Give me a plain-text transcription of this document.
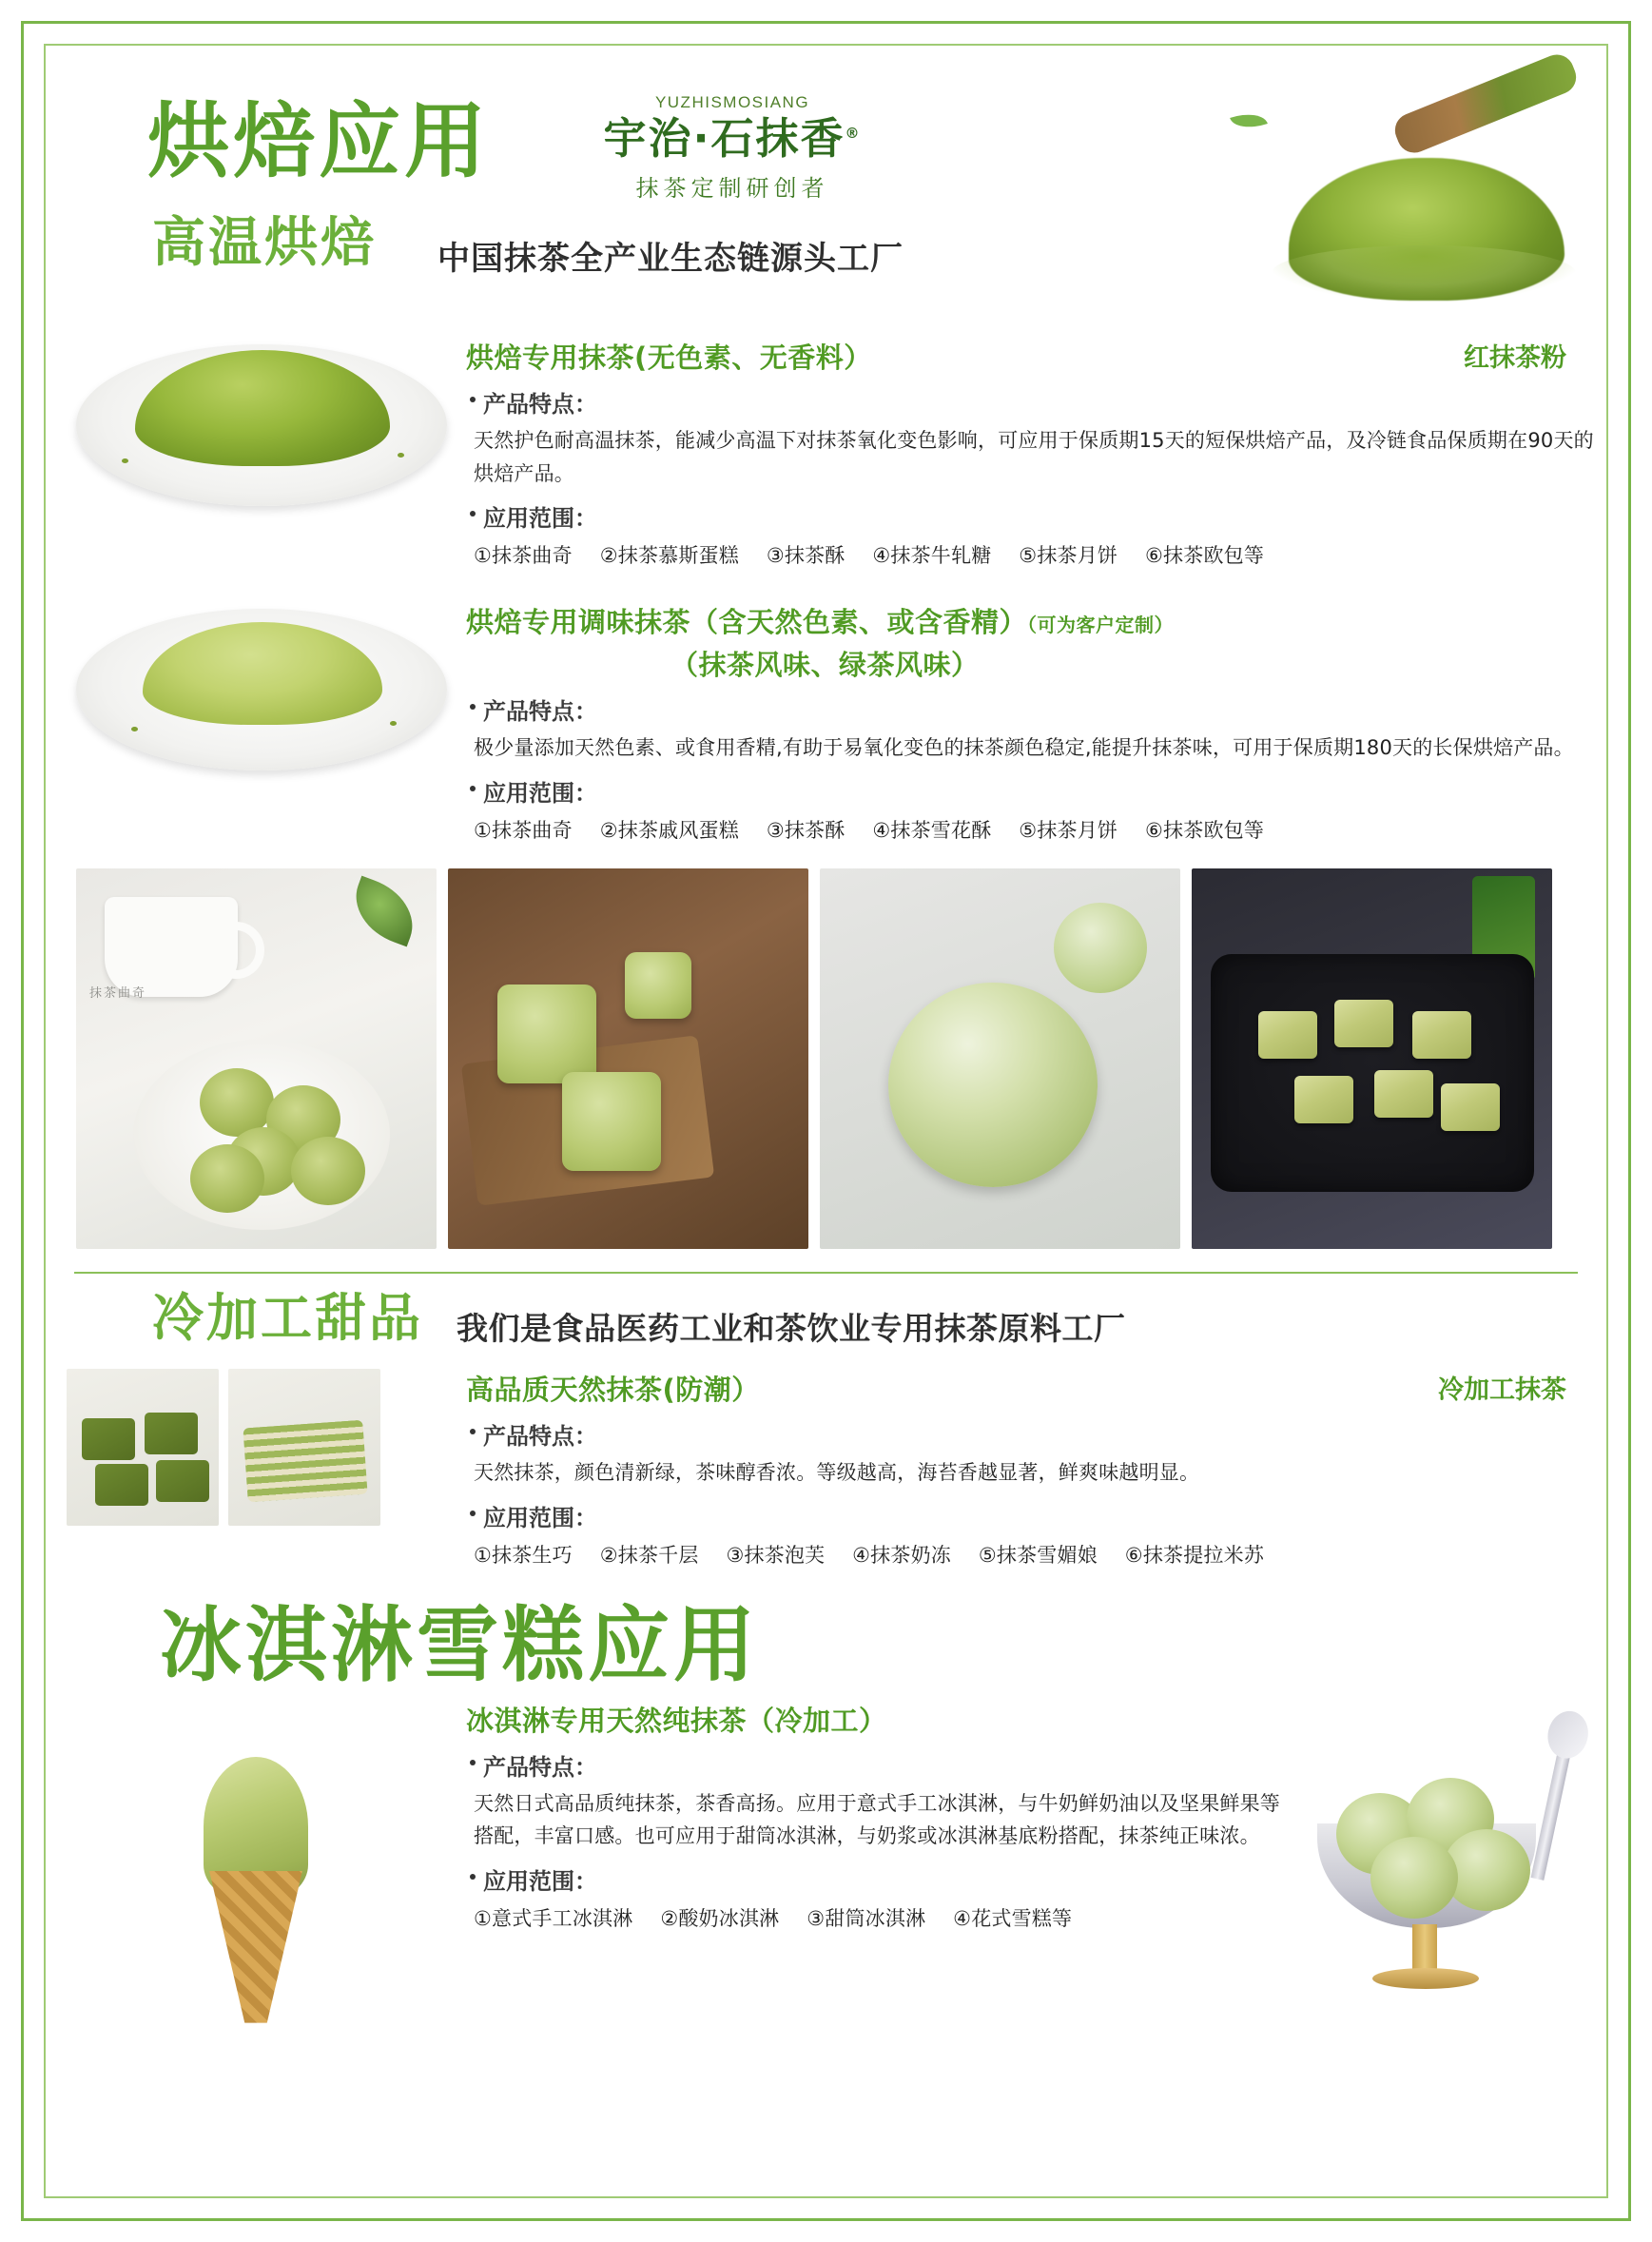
烘焙应用
高温烘焙 中国抹茶全产业生态链源头工厂
YUZHISMOSIANG
宇治·石抹香®
抹茶定制研创者
烘焙专用抹茶(无色素、无香料）	红抹茶粉
产品特点：
天然护色耐高温抹茶，能减少高温下对抹茶氧化变色影响，可应用于保质期15天的短保烘焙产品，及冷链食品保质期在90天的烘焙产品。
应用范围：
①抹茶曲奇 ②抹茶慕斯蛋糕 ③抹茶酥 ④抹茶牛轧糖 ⑤抹茶月饼 ⑥抹茶欧包等
烘焙专用调味抹茶（含天然色素、或含香精）（可为客户定制）
（抹茶风味、绿茶风味）
产品特点：
极少量添加天然色素、或食用香精,有助于易氧化变色的抹茶颜色稳定,能提升抹茶味，可用于保质期180天的长保烘焙产品。
应用范围：
①抹茶曲奇 ②抹茶戚风蛋糕 ③抹茶酥 ④抹茶雪花酥 ⑤抹茶月饼 ⑥抹茶欧包等
抹茶曲奇
冷加工甜品 我们是食品医药工业和茶饮业专用抹茶原料工厂
高品质天然抹茶(防潮）	冷加工抹茶
产品特点：
天然抹茶，颜色清新绿，茶味醇香浓。等级越高，海苔香越显著，鲜爽味越明显。
应用范围：
①抹茶生巧 ②抹茶千层 ③抹茶泡芙 ④抹茶奶冻 ⑤抹茶雪媚娘 ⑥抹茶提拉米苏
冰淇淋雪糕应用
冰淇淋专用天然纯抹茶（冷加工）
产品特点：
天然日式高品质纯抹茶，茶香高扬。应用于意式手工冰淇淋，与牛奶鲜奶油以及坚果鲜果等搭配，丰富口感。也可应用于甜筒冰淇淋，与奶浆或冰淇淋基底粉搭配，抹茶纯正味浓。
应用范围：
①意式手工冰淇淋 ②酸奶冰淇淋 ③甜筒冰淇淋 ④花式雪糕等
